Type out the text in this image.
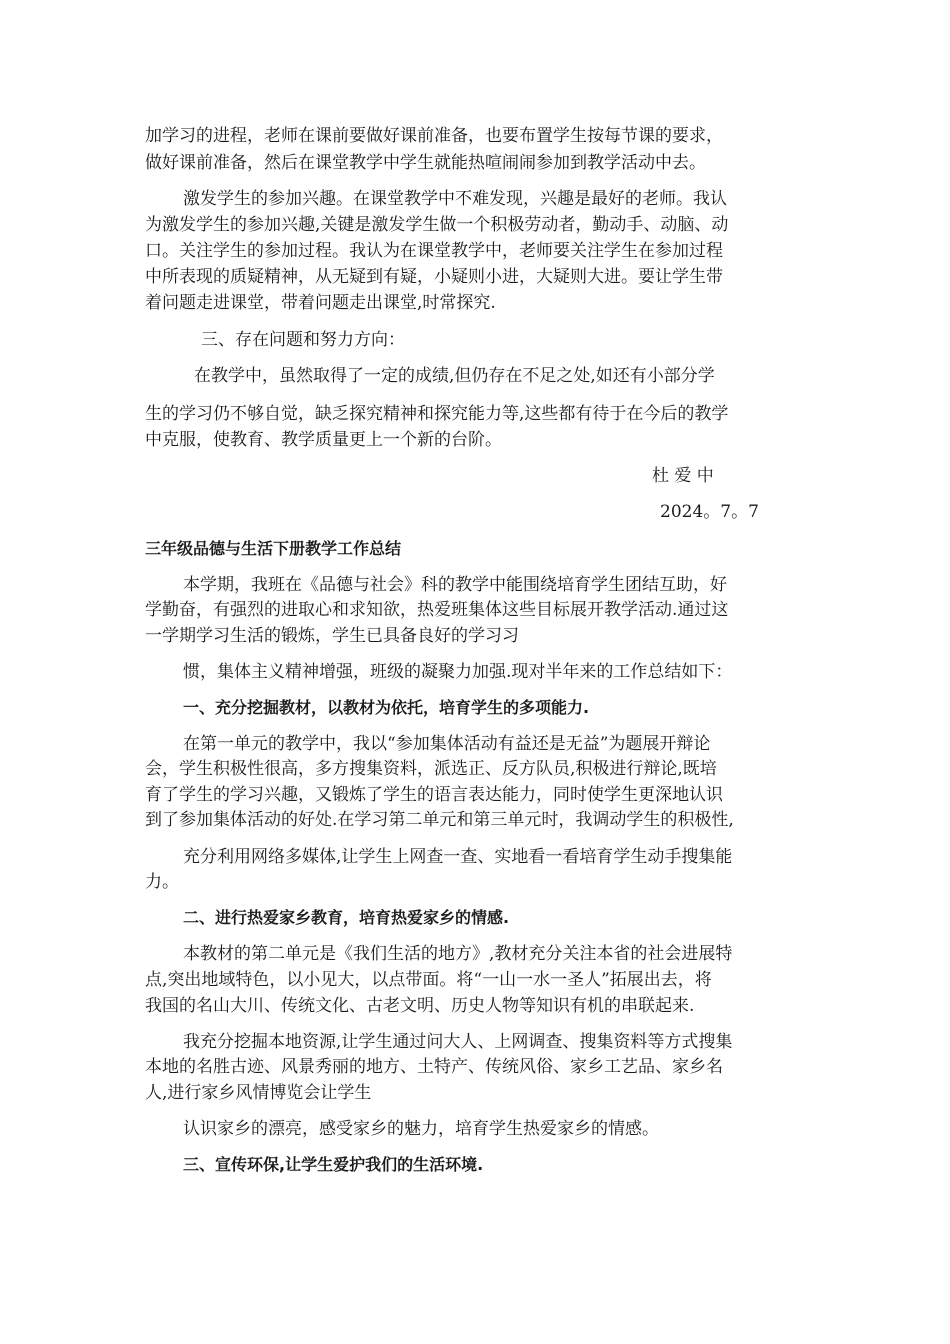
加学习的进程，老师在课前要做好课前准备，也要布置学生按每节课的要求，
做好课前准备，然后在课堂教学中学生就能热喧闹闹参加到教学活动中去。
激发学生的参加兴趣。在课堂教学中不难发现，兴趣是最好的老师。我认
为激发学生的参加兴趣,关键是激发学生做一个积极劳动者，勤动手、动脑、动
口。关注学生的参加过程。我认为在课堂教学中，老师要关注学生在参加过程
中所表现的质疑精神，从无疑到有疑，小疑则小进，大疑则大进。要让学生带
着问题走进课堂，带着问题走出课堂,时常探究.
三、存在问题和努力方向：
在教学中，虽然取得了一定的成绩,但仍存在不足之处,如还有小部分学
生的学习仍不够自觉，缺乏探究精神和探究能力等,这些都有待于在今后的教学
中克服，使教育、教学质量更上一个新的台阶。
杜 爱 中
2024。7。7
三年级品德与生活下册教学工作总结
本学期，我班在《品德与社会》科的教学中能围绕培育学生团结互助，好
学勤奋，有强烈的进取心和求知欲，热爱班集体这些目标展开教学活动.通过这
一学期学习生活的锻炼，学生已具备良好的学习习
惯，集体主义精神增强，班级的凝聚力加强.现对半年来的工作总结如下：
一、充分挖掘教材，以教材为依托，培育学生的多项能力.
在第一单元的教学中，我以“参加集体活动有益还是无益”为题展开辩论
会，学生积极性很高，多方搜集资料，派选正、反方队员,积极进行辩论,既培
育了学生的学习兴趣，又锻炼了学生的语言表达能力，同时使学生更深地认识
到了参加集体活动的好处.在学习第二单元和第三单元时，我调动学生的积极性,
充分利用网络多媒体,让学生上网查一查、实地看一看培育学生动手搜集能
力。
二、进行热爱家乡教育，培育热爱家乡的情感.
本教材的第二单元是《我们生活的地方》,教材充分关注本省的社会进展特
点,突出地域特色，以小见大，以点带面。将“一山一水一圣人”拓展出去，将
我国的名山大川、传统文化、古老文明、历史人物等知识有机的串联起来.
我充分挖掘本地资源,让学生通过问大人、上网调查、搜集资料等方式搜集
本地的名胜古迹、风景秀丽的地方、土特产、传统风俗、家乡工艺品、家乡名
人,进行家乡风情博览会让学生
认识家乡的漂亮，感受家乡的魅力，培育学生热爱家乡的情感。
三、宣传环保,让学生爱护我们的生活环境.
